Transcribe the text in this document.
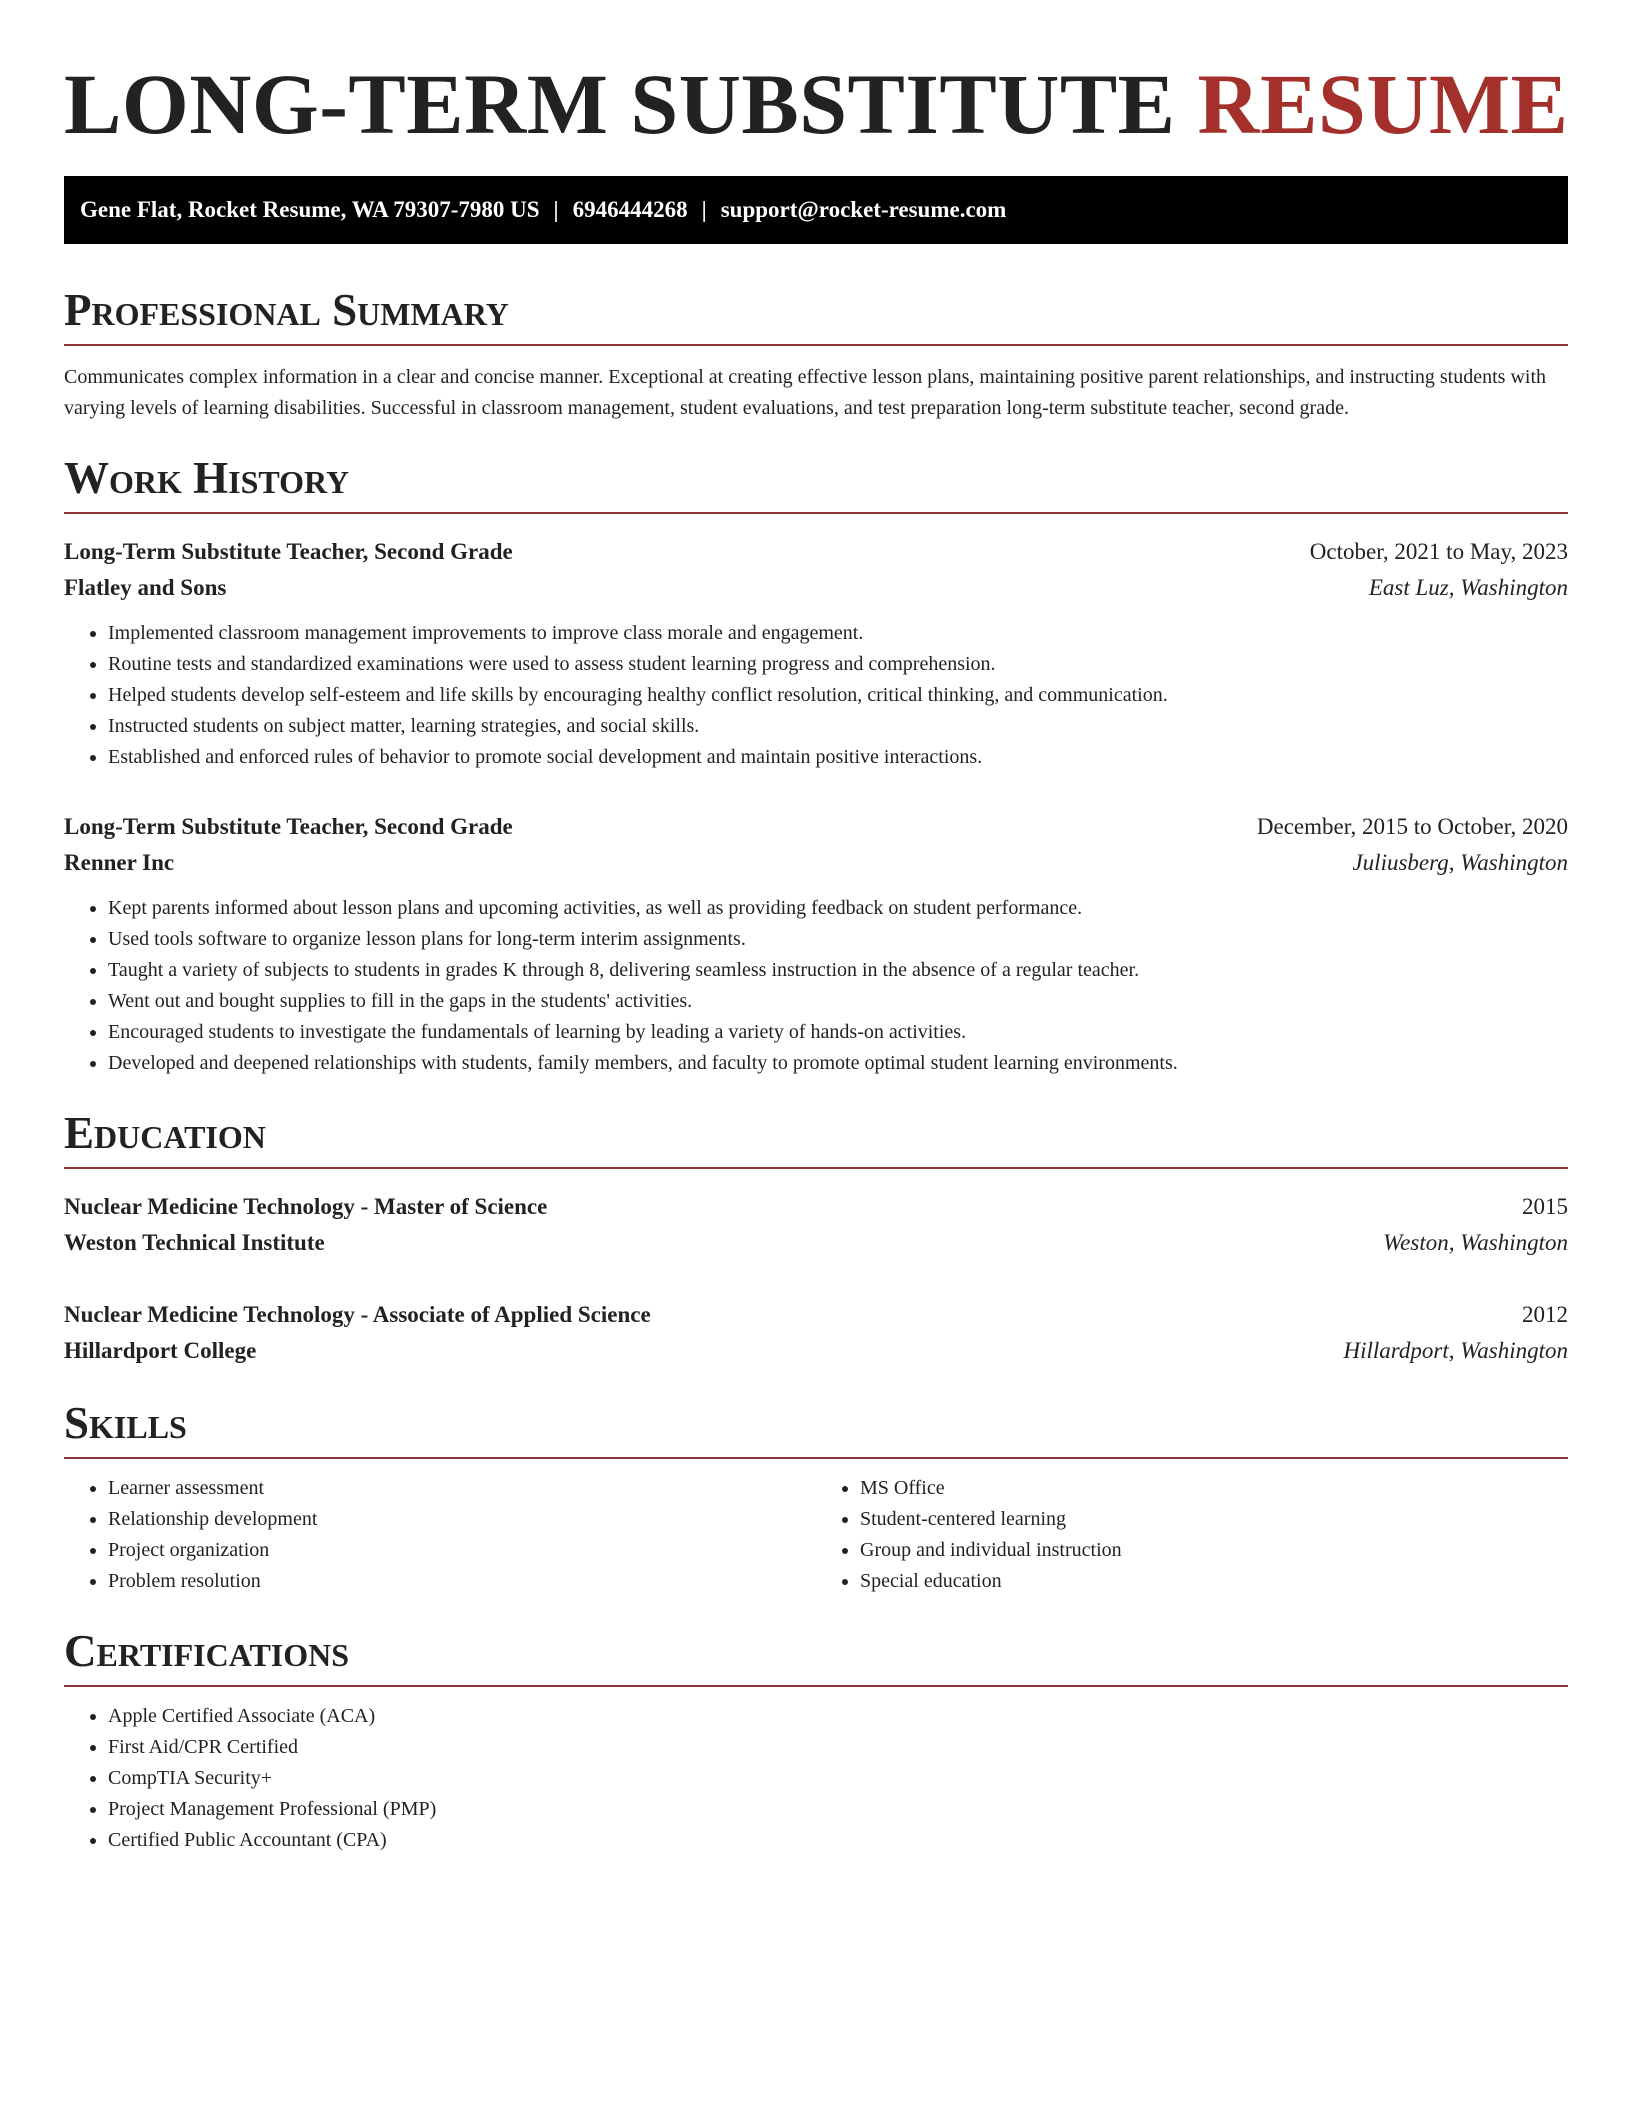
LONG-TERM SUBSTITUTE RESUME
Gene Flat, Rocket Resume, WA 79307-7980 US | 6946444268 | support@rocket-resume.com
Professional Summary

Communicates complex information in a clear and concise manner. Exceptional at creating effective lesson plans, maintaining positive parent relationships, and instructing students with varying levels of learning disabilities. Successful in classroom management, student evaluations, and test preparation long-term substitute teacher, second grade.

Work History
Long-Term Substitute Teacher, Second Grade	October, 2021 to May, 2023
Flatley and Sons	East Luz, Washington
• Implemented classroom management improvements to improve class morale and engagement.
• Routine tests and standardized examinations were used to assess student learning progress and comprehension.
• Helped students develop self-esteem and life skills by encouraging healthy conflict resolution, critical thinking, and communication.
• Instructed students on subject matter, learning strategies, and social skills.
• Established and enforced rules of behavior to promote social development and maintain positive interactions.
Long-Term Substitute Teacher, Second Grade	December, 2015 to October, 2020
Renner Inc	Juliusberg, Washington
• Kept parents informed about lesson plans and upcoming activities, as well as providing feedback on student performance.
• Used tools software to organize lesson plans for long-term interim assignments.
• Taught a variety of subjects to students in grades K through 8, delivering seamless instruction in the absence of a regular teacher.
• Went out and bought supplies to fill in the gaps in the students' activities.
• Encouraged students to investigate the fundamentals of learning by leading a variety of hands-on activities.
• Developed and deepened relationships with students, family members, and faculty to promote optimal student learning environments.
Education
Nuclear Medicine Technology - Master of Science	2015
Weston Technical Institute	Weston, Washington
Nuclear Medicine Technology - Associate of Applied Science	2012
Hillardport College	Hillardport, Washington
Skills
• Learner assessment
• Relationship development
• Project organization
• Problem resolution
• MS Office
• Student-centered learning
• Group and individual instruction
• Special education
Certifications
• Apple Certified Associate (ACA)
• First Aid/CPR Certified
• CompTIA Security+
• Project Management Professional (PMP)
• Certified Public Accountant (CPA)
